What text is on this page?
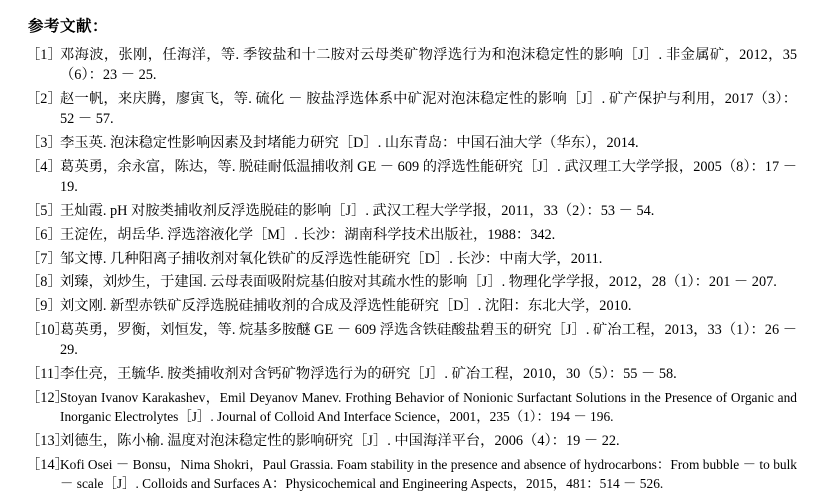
参考文献：
［1］
邓海波，张刚，任海洋，等. 季铵盐和十二胺对云母类矿物浮选行为和泡沫稳定性的影响［J］. 非金属矿，2012，35（6）：23 － 25.
［2］
赵一帆，来庆腾，廖寅飞，等. 硫化 － 胺盐浮选体系中矿泥对泡沫稳定性的影响［J］. 矿产保护与利用，2017（3）：52 － 57.
［3］
李玉英. 泡沫稳定性影响因素及封堵能力研究［D］. 山东青岛：中国石油大学（华东），2014.
［4］
葛英勇，余永富，陈达，等. 脱硅耐低温捕收剂 GE － 609 的浮选性能研究［J］. 武汉理工大学学报，2005（8）：17 － 19.
［5］
王灿霞. pH 对胺类捕收剂反浮选脱硅的影响［J］. 武汉工程大学学报，2011，33（2）：53 － 54.
［6］
王淀佐，胡岳华. 浮选溶液化学［M］. 长沙：湖南科学技术出版社，1988：342.
［7］
邹文博. 几种阳离子捕收剂对氧化铁矿的反浮选性能研究［D］. 长沙：中南大学，2011.
［8］
刘臻，刘炒生，于建国. 云母表面吸附烷基伯胺对其疏水性的影响［J］. 物理化学学报，2012，28（1）：201 － 207.
［9］
刘文刚. 新型赤铁矿反浮选脱硅捕收剂的合成及浮选性能研究［D］. 沈阳：东北大学，2010.
［10］
葛英勇，罗衡，刘恒发，等. 烷基多胺醚 GE － 609 浮选含铁硅酸盐碧玉的研究［J］. 矿冶工程，2013，33（1）：26 － 29.
［11］
李仕亮，王毓华. 胺类捕收剂对含钙矿物浮选行为的研究［J］. 矿冶工程，2010，30（5）：55 － 58.
［12］
Stoyan Ivanov Karakashev，Emil Deyanov Manev. Frothing Behavior of Nonionic Surfactant Solutions in the Presence of Organic and Inorganic Electrolytes［J］. Journal of Colloid And Interface Science，2001，235（1）：194 － 196.
［13］
刘德生，陈小榆. 温度对泡沫稳定性的影响研究［J］. 中国海洋平台，2006（4）：19 － 22.
［14］
Kofi Osei － Bonsu，Nima Shokri，Paul Grassia. Foam stability in the presence and absence of hydrocarbons：From bubble － to bulk － scale［J］. Colloids and Surfaces A：Physicochemical and Engineering Aspects，2015，481：514 － 526.
